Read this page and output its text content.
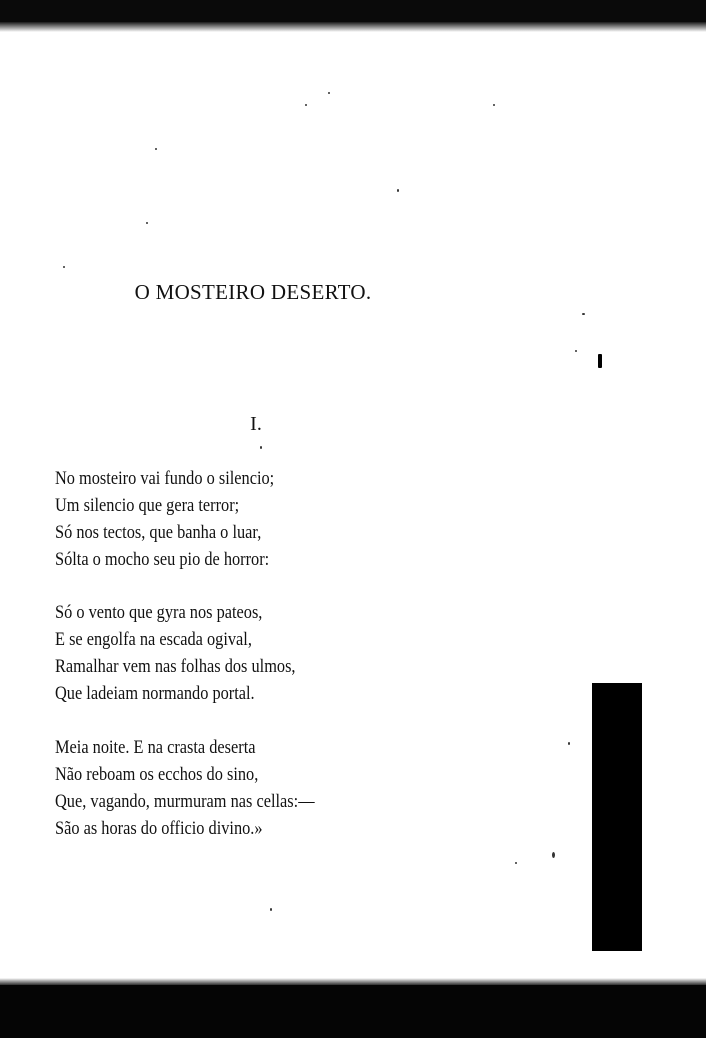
O MOSTEIRO DESERTO.
I.
No mosteiro vai fundo o silencio;
Um silencio que gera terror;
Só nos tectos, que banha o luar,
Sólta o mocho seu pio de horror:
Só o vento que gyra nos pateos,
E se engolfa na escada ogival,
Ramalhar vem nas folhas dos ulmos,
Que ladeiam normando portal.
Meia noite. E na crasta deserta
Não reboam os ecchos do sino,
Que, vagando, murmuram nas cellas:—
São as horas do officio divino.»
